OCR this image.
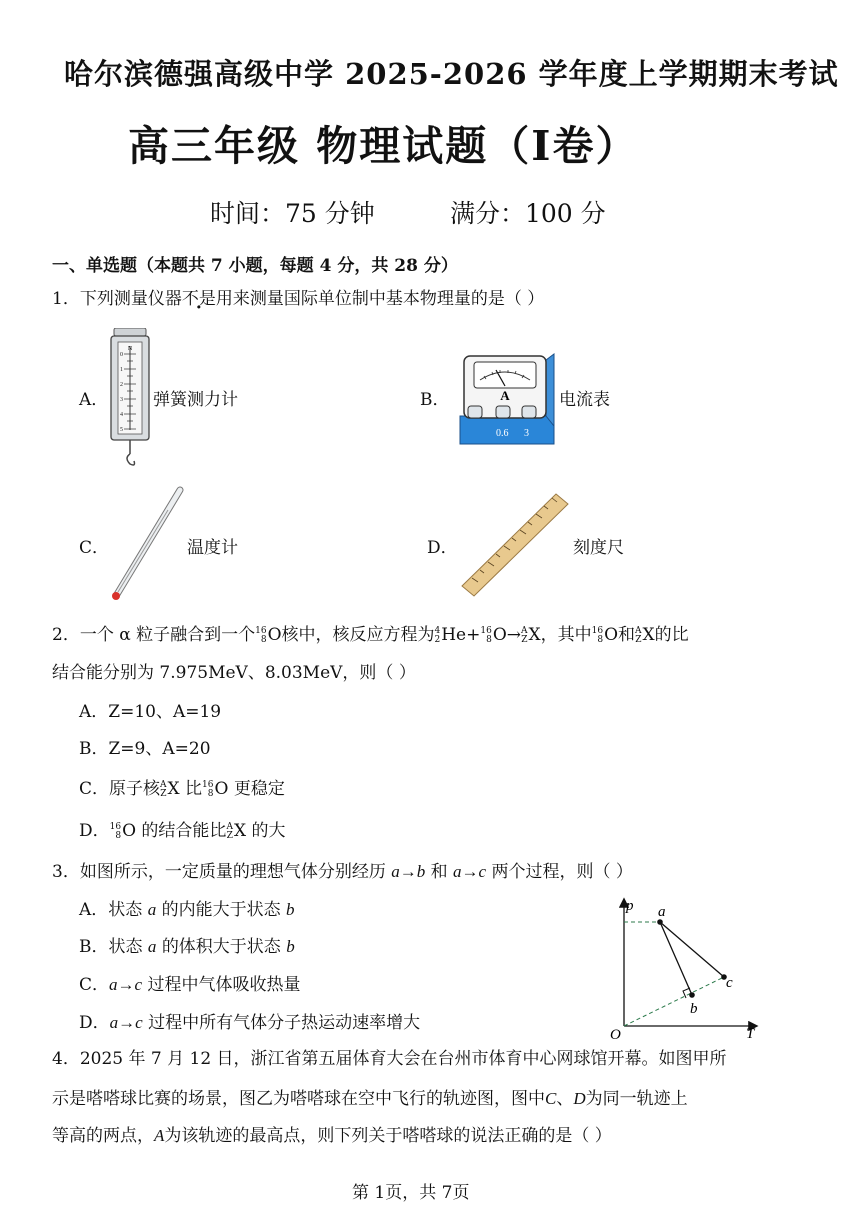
哈尔滨德强高级中学 2025-2026 学年度上学期期末考试
高三年级 物理试题（Ⅰ卷）
时间：75 分钟	满分：100 分
一、单选题（本题共 7 小题，每题 4 分，共 28 分）
1．下列测量仪器不是用来测量国际单位制中基本物理量的是（ ）
A．
N
0
1
2
3
4
5
弹簧测力计	B．	A
0.6 3
电流表
C．	温度计	D．	刻度尺
2．一个 α 粒子融合到一个 16
8 O核中，核反应方程为 4
2 He+ 16
8 O→ A
Z X，其中 16
8 O和 A
Z X的比
结合能分别为 7.975MeV、8.03MeV，则（ ）
A．Z=10、A=19
B．Z=9、A=20
C．原子核 A
Z X 比 16
8 O 更稳定
D． 16
8 O 的结合能比 A
Z X 的大
3．如图所示，一定质量的理想气体分别经历 a→b 和 a→c 两个过程，则（ ）
A．状态 a 的内能大于状态 b
B．状态 a 的体积大于状态 b
C．a→c 过程中气体吸收热量
D．a→c 过程中所有气体分子热运动速率增大
p
T
O
a
b
c
4．2025 年 7 月 12 日，浙江省第五届体育大会在台州市体育中心网球馆开幕。如图甲所
示是嗒嗒球比赛的场景，图乙为嗒嗒球在空中飞行的轨迹图，图中C、D为同一轨迹上
等高的两点，A为该轨迹的最高点，则下列关于嗒嗒球的说法正确的是（ ）
第 1页，共 7页
